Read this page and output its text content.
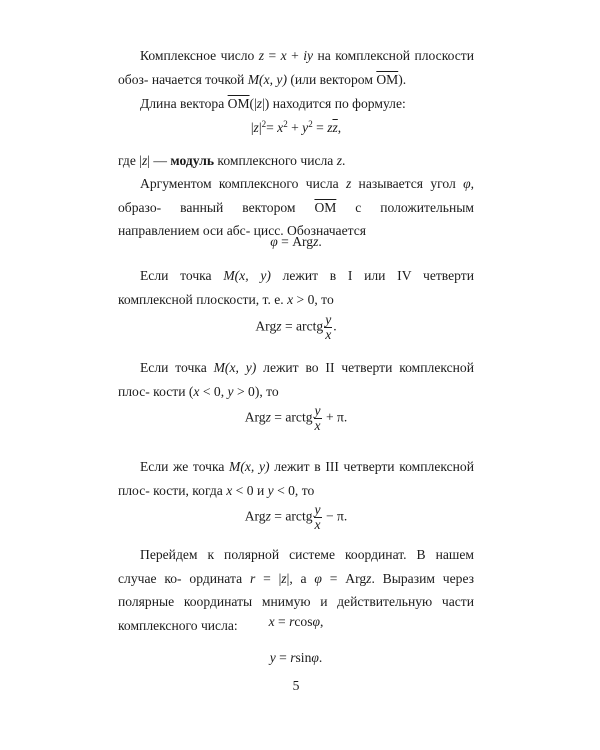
Комплексное число z = x + iy на комплексной плоскости обоз- начается точкой M(x, y) (или вектором $\overline{OM}$).

Длина вектора $\overline{OM}(|z|)$ находится по формуле:

$|z|^2= x^2 + y^2 = z\overline{z}$,

где |z| — модуль комплексного числа z.

Аргументом комплексного числа z называется угол φ, образо- ванный вектором $\overline{OM}$ с положительным направлением оси абс- цисс. Обозначается

φ = Argz.

Если точка M(x, y) лежит в I или IV четверти комплексной плоскости, т. е. x > 0, то

Argz = arctg $\frac{y}{x}$ .

Если точка M(x, y) лежит во II четверти комплексной плос- кости (x < 0, y > 0), то

Argz = arctg $\frac{y}{x} + \pi$.

Если же точка M(x, y) лежит в III четверти комплексной плос- кости, когда x < 0 и y < 0, то

Argz = arctg $\frac{y}{x} - \pi$.

Перейдем к полярной системе координат. В нашем случае ко- ордината r = |z|, а φ = Argz. Выразим через полярные координаты мнимую и действительную части комплексного числа:	x = rcosφ,
y = rsinφ.
5
